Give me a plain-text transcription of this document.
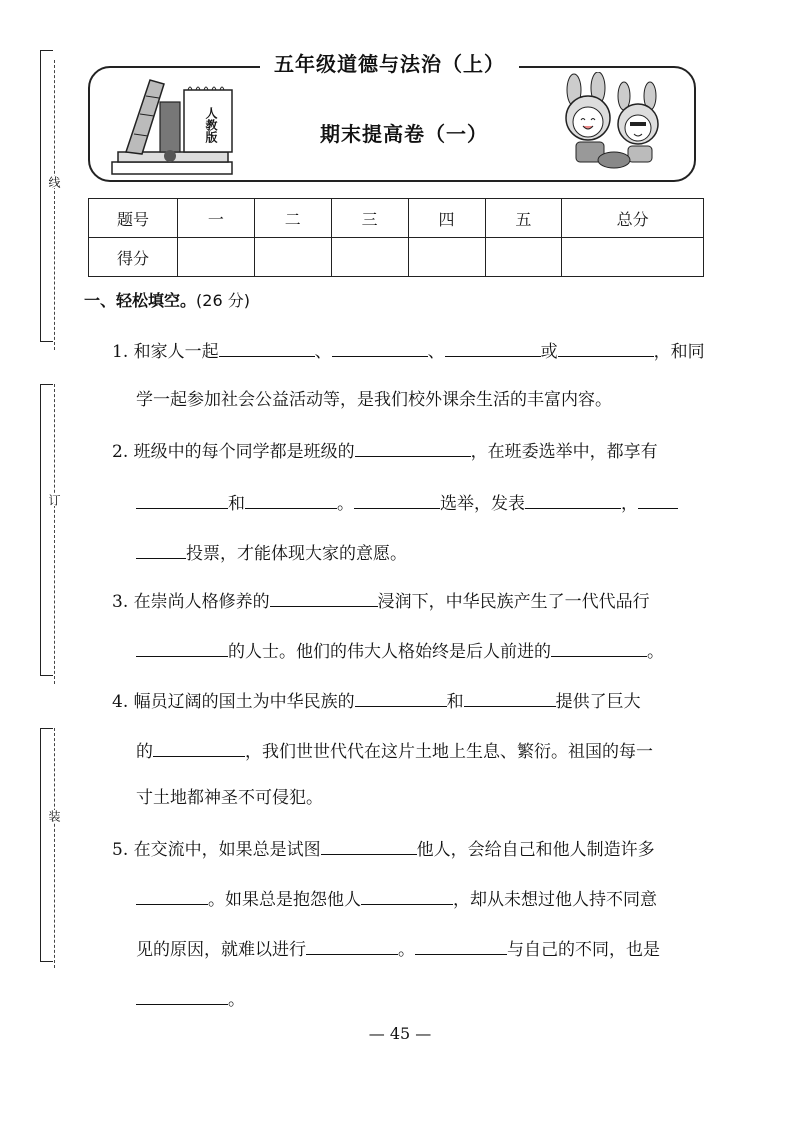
线
订
装
五年级道德与法治（上）
期末提高卷（一）
人教版
题号	一	二	三	四	五	总分
得分						
一、轻松填空。(26 分)
1. 和家人一起	、	、	或	，和同
学一起参加社会公益活动等，是我们校外课余生活的丰富内容。
2. 班级中的每个同学都是班级的	，在班委选举中，都享有
和	。	选举，发表	，
投票，才能体现大家的意愿。
3. 在崇尚人格修养的	浸润下，中华民族产生了一代代品行
的人士。他们的伟大人格始终是后人前进的	。
4. 幅员辽阔的国土为中华民族的	和	提供了巨大
的	，我们世世代代在这片土地上生息、繁衍。祖国的每一
寸土地都神圣不可侵犯。
5. 在交流中，如果总是试图	他人，会给自己和他人制造许多
。如果总是抱怨他人	，却从未想过他人持不同意
见的原因，就难以进行	。	与自己的不同，也是
。
— 45 —
